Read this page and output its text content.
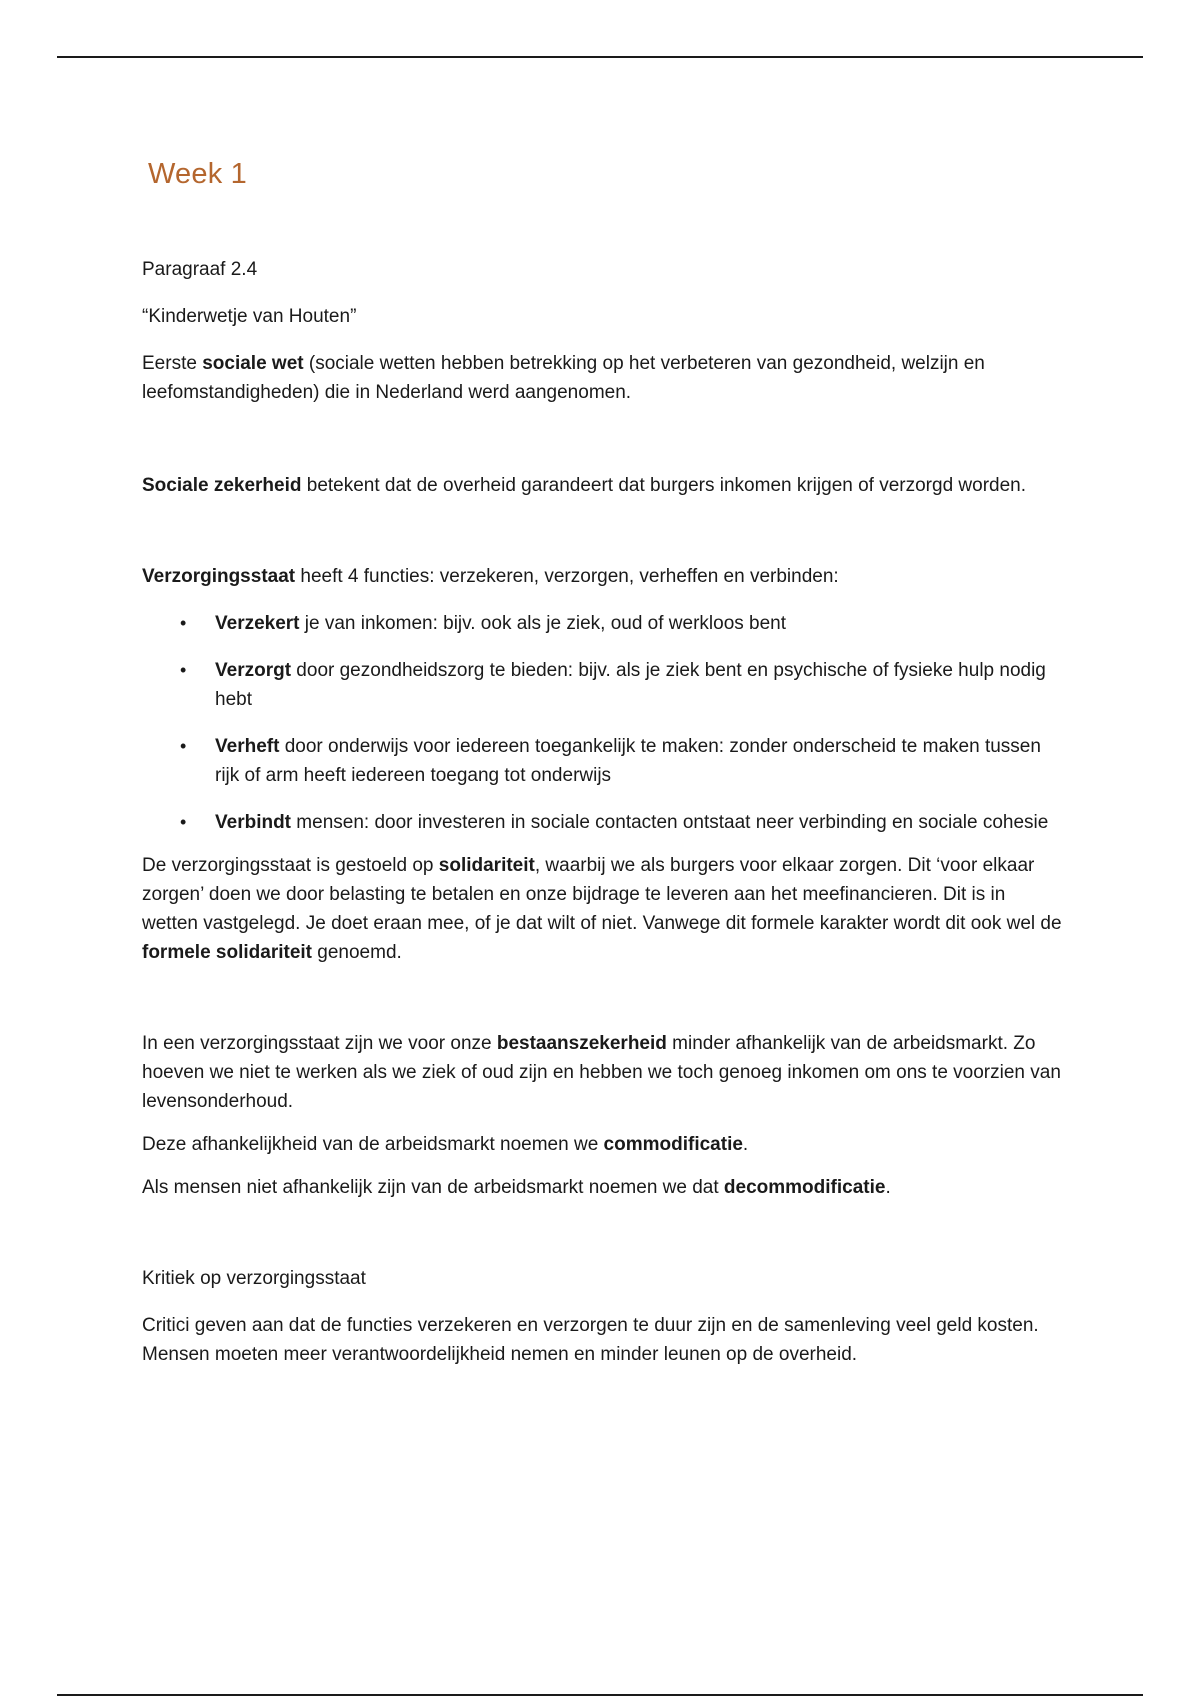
Week 1

Paragraaf 2.4

“Kinderwetje van Houten”

Eerste sociale wet (sociale wetten hebben betrekking op het verbeteren van gezondheid, welzijn en leefomstandigheden) die in Nederland werd aangenomen.

Sociale zekerheid betekent dat de overheid garandeert dat burgers inkomen krijgen of verzorgd worden.

Verzorgingsstaat heeft 4 functies: verzekeren, verzorgen, verheffen en verbinden:

• Verzekert je van inkomen: bijv. ook als je ziek, oud of werkloos bent
• Verzorgt door gezondheidszorg te bieden: bijv. als je ziek bent en psychische of fysieke hulp nodig hebt
• Verheft door onderwijs voor iedereen toegankelijk te maken: zonder onderscheid te maken tussen rijk of arm heeft iedereen toegang tot onderwijs
• Verbindt mensen: door investeren in sociale contacten ontstaat neer verbinding en sociale cohesie

De verzorgingsstaat is gestoeld op solidariteit, waarbij we als burgers voor elkaar zorgen. Dit ‘voor elkaar zorgen’ doen we door belasting te betalen en onze bijdrage te leveren aan het meefinancieren. Dit is in wetten vastgelegd. Je doet eraan mee, of je dat wilt of niet. Vanwege dit formele karakter wordt dit ook wel de formele solidariteit genoemd.

In een verzorgingsstaat zijn we voor onze bestaanszekerheid minder afhankelijk van de arbeidsmarkt. Zo hoeven we niet te werken als we ziek of oud zijn en hebben we toch genoeg inkomen om ons te voorzien van levensonderhoud.

Deze afhankelijkheid van de arbeidsmarkt noemen we commodificatie.

Als mensen niet afhankelijk zijn van de arbeidsmarkt noemen we dat decommodificatie.

Kritiek op verzorgingsstaat

Critici geven aan dat de functies verzekeren en verzorgen te duur zijn en de samenleving veel geld kosten. Mensen moeten meer verantwoordelijkheid nemen en minder leunen op de overheid.
